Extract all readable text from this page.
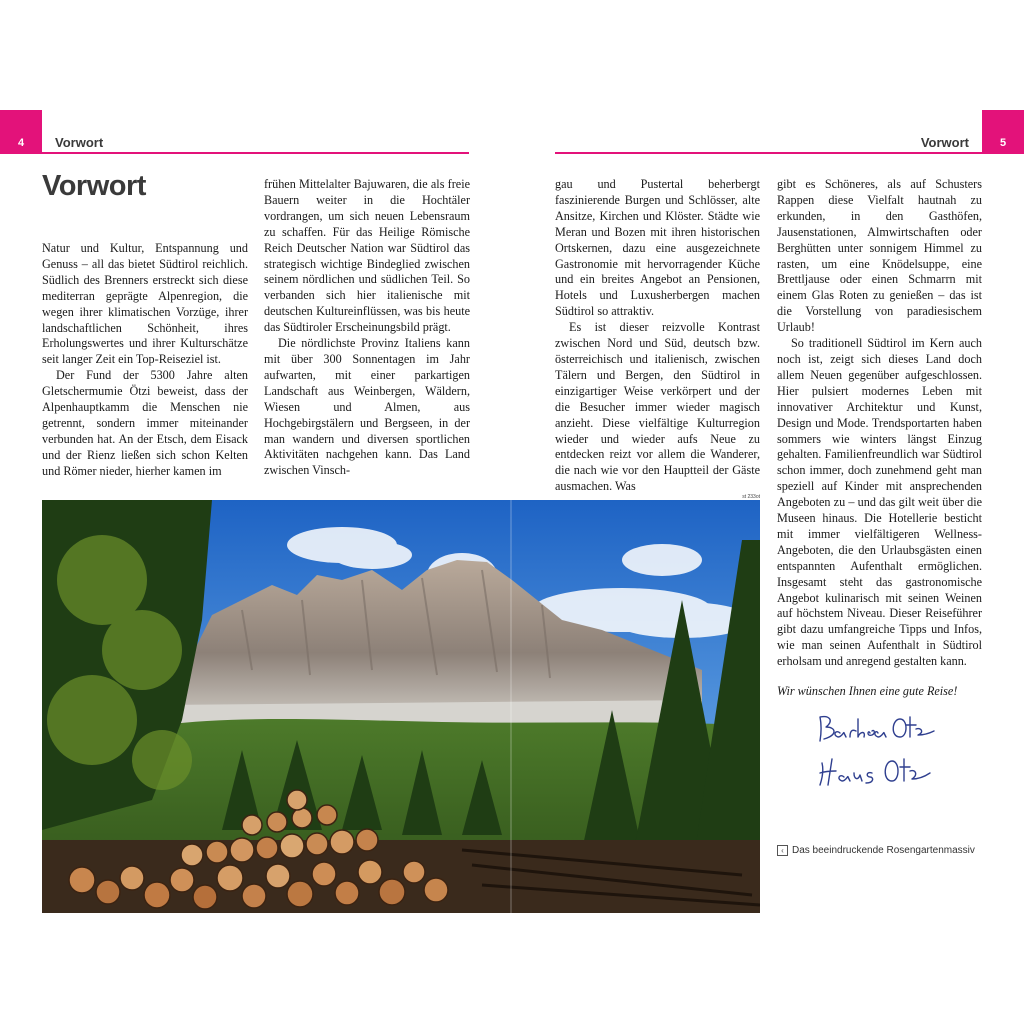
4	5
Vorwort	Vorwort
Vorwort

Natur und Kultur, Entspannung und Genuss – all das bietet Südtirol reichlich. Südlich des Brenners erstreckt sich diese mediterran geprägte Alpenregion, die wegen ihrer klimatischen Vorzüge, ihrer landschaftlichen Schönheit, ihres Erholungswertes und ihrer Kulturschätze seit langer Zeit ein Top-Reiseziel ist.

Der Fund der 5300 Jahre alten Gletschermumie Ötzi beweist, dass der Alpenhauptkamm die Menschen nie getrennt, sondern immer miteinander verbunden hat. An der Etsch, dem Eisack und der Rienz ließen sich schon Kelten und Römer nieder, hierher kamen im

frühen Mittelalter Bajuwaren, die als freie Bauern weiter in die Hochtäler vordrangen, um sich neuen Lebensraum zu schaffen. Für das Heilige Römische Reich Deutscher Nation war Südtirol das strategisch wichtige Bindeglied zwischen seinem nördlichen und südlichen Teil. So verbanden sich hier italienische mit deutschen Kultureinflüssen, was bis heute das Südtiroler Erscheinungsbild prägt.

Die nördlichste Provinz Italiens kann mit über 300 Sonnentagen im Jahr aufwarten, mit einer parkartigen Landschaft aus Weinbergen, Wäldern, Wiesen und Almen, aus Hochgebirgstälern und Bergseen, in der man wandern und diversen sportlichen Aktivitäten nachgehen kann. Das Land zwischen Vinsch-

gau und Pustertal beherbergt faszinierende Burgen und Schlösser, alte Ansitze, Kirchen und Klöster. Städte wie Meran und Bozen mit ihren historischen Ortskernen, dazu eine ausgezeichnete Gastronomie mit hervorragender Küche und ein breites Angebot an Pensionen, Hotels und Luxusherbergen machen Südtirol so attraktiv.

Es ist dieser reizvolle Kontrast zwischen Nord und Süd, deutsch bzw. österreichisch und italienisch, zwischen Tälern und Bergen, den Südtirol in einzigartiger Weise verkörpert und der die Besucher immer wieder magisch anzieht. Diese vielfältige Kulturregion wieder und wieder aufs Neue zu entdecken reizt vor allem die Wanderer, die nach wie vor den Hauptteil der Gäste ausmachen. Was

gibt es Schöneres, als auf Schusters Rappen diese Vielfalt hautnah zu erkunden, in den Gasthöfen, Jausenstationen, Almwirtschaften oder Berghütten unter sonnigem Himmel zu rasten, um eine Knödelsuppe, eine Brettljause oder einen Schmarrn mit einem Glas Roten zu genießen – das ist die Vorstellung von paradiesischem Urlaub!

So traditionell Südtirol im Kern auch noch ist, zeigt sich dieses Land doch allem Neuen gegenüber aufgeschlossen. Hier pulsiert modernes Leben mit innovativer Architektur und Kunst, Design und Mode. Trendsportarten haben sommers wie winters längst Einzug gehalten. Familienfreundlich war Südtirol schon immer, doch zunehmend geht man speziell auf Kinder mit ansprechenden Angeboten zu – und das gilt weit über die Museen hinaus. Die Hotellerie besticht mit immer vielfältigeren Wellness-Angeboten, die den Urlaubsgästen einen entspannten Aufenthalt ermöglichen. Insgesamt steht das gastronomische Angebot kulinarisch mit seinen Weinen auf höchstem Niveau. Dieser Reiseführer gibt dazu umfangreiche Tipps und Infos, wie man seinen Aufenthalt in Südtirol erholsam und anregend gestalten kann.

Wir wünschen Ihnen eine gute Reise!

‹ Das beeindruckende Rosengartenmassiv
st 233ot
